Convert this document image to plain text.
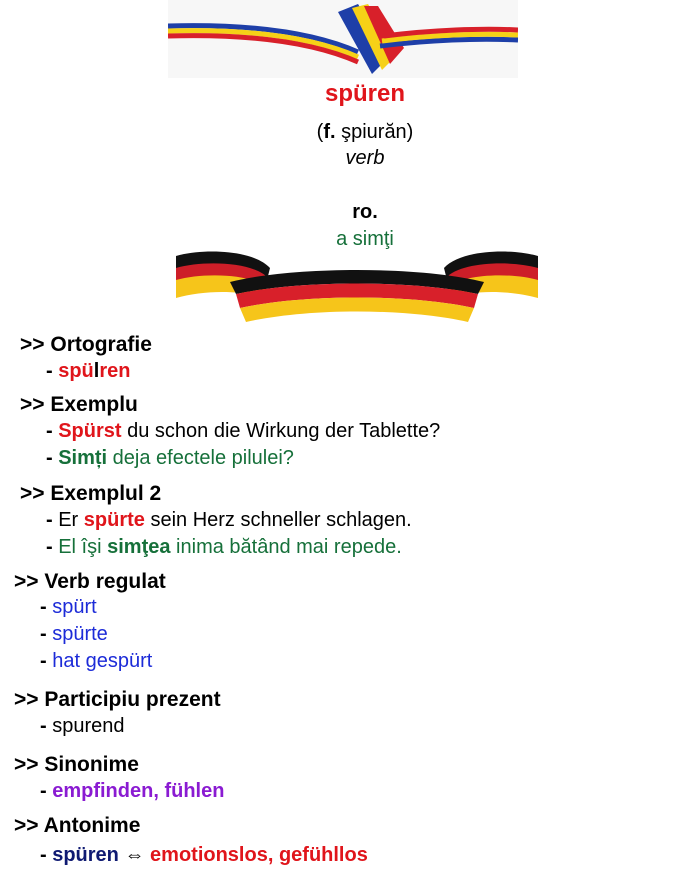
spüren
(f. şpiurăn)
verb
ro.
a simţi
>> Ortografie
- spülren
>> Exemplu
- Spürst du schon die Wirkung der Tablette?
- Simți deja efectele pilulei?
>> Exemplul 2
- Er spürte sein Herz schneller schlagen.
- El îşi simţea inima bătând mai repede.
>> Verb regulat
- spürt
- spürte
- hat gespürt
>> Participiu prezent
- spurend
>> Sinonime
- empfinden, fühlen
>> Antonime
- spüren ⇔ emotionslos, gefühllos
